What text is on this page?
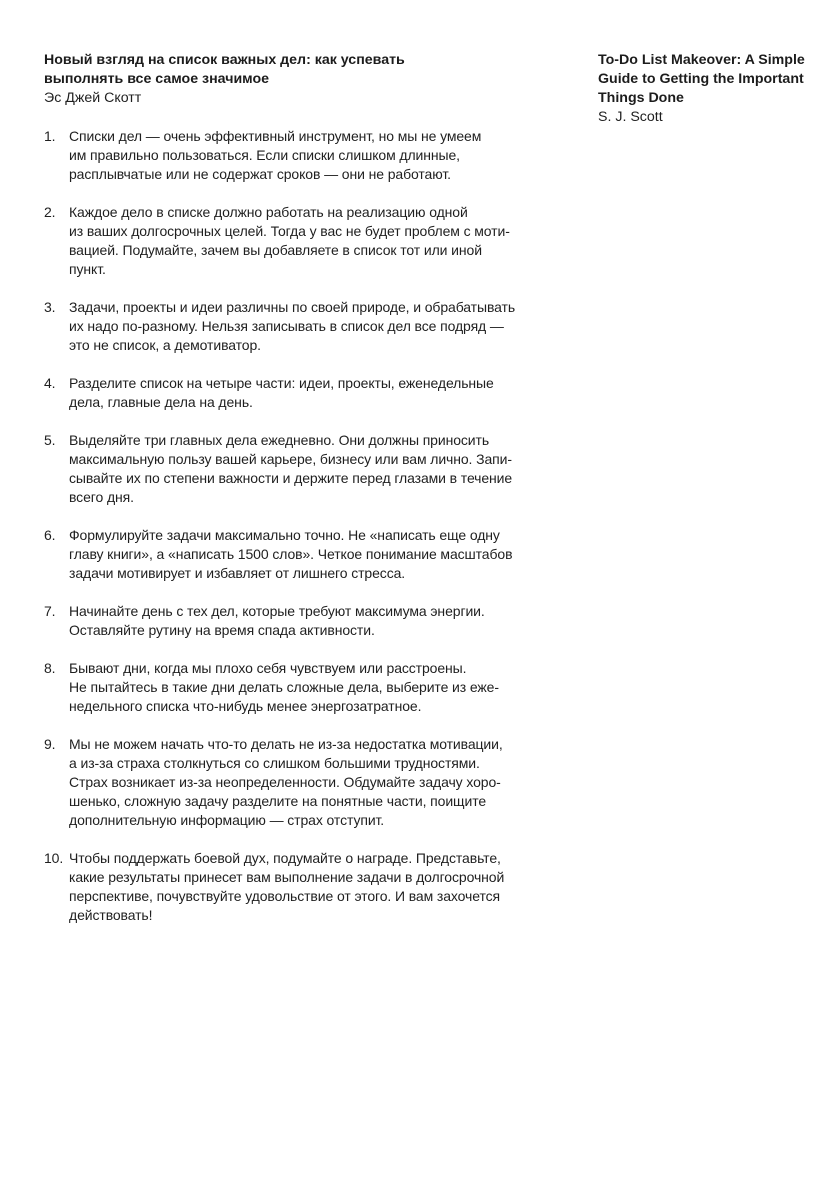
Новый взгляд на список важных дел: как успевать
выполнять все самое значимое

Эс Джей Скотт

1. Списки дел — очень эффективный инструмент, но мы не умеем
им правильно пользоваться. Если списки слишком длинные,
расплывчатые или не содержат сроков — они не работают.
2. Каждое дело в списке должно работать на реализацию одной
из ваших долгосрочных целей. Тогда у вас не будет проблем с моти-
вацией. Подумайте, зачем вы добавляете в список тот или иной
пункт.
3. Задачи, проекты и идеи различны по своей природе, и обрабатывать
их надо по-разному. Нельзя записывать в список дел все подряд —
это не список, а демотиватор.
4. Разделите список на четыре части: идеи, проекты, еженедельные
дела, главные дела на день.
5. Выделяйте три главных дела ежедневно. Они должны приносить
максимальную пользу вашей карьере, бизнесу или вам лично. Запи-
сывайте их по степени важности и держите перед глазами в течение
всего дня.
6. Формулируйте задачи максимально точно. Не «написать еще одну
главу книги», а «написать 1500 слов». Четкое понимание масштабов
задачи мотивирует и избавляет от лишнего стресса.
7. Начинайте день с тех дел, которые требуют максимума энергии.
Оставляйте рутину на время спада активности.
8. Бывают дни, когда мы плохо себя чувствуем или расстроены.
Не пытайтесь в такие дни делать сложные дела, выберите из еже-
недельного списка что-нибудь менее энергозатратное.
9. Мы не можем начать что-то делать не из-за недостатка мотивации,
а из-за страха столкнуться со слишком большими трудностями.
Страх возникает из-за неопределенности. Обдумайте задачу хоро-
шенько, сложную задачу разделите на понятные части, поищите
дополнительную информацию — страх отступит.
10. Чтобы поддержать боевой дух, подумайте о награде. Представьте,
какие результаты принесет вам выполнение задачи в долгосрочной
перспективе, почувствуйте удовольствие от этого. И вам захочется
действовать!

To-Do List Makeover: A Simple
Guide to Getting the Important
Things Done

S. J. Scott
